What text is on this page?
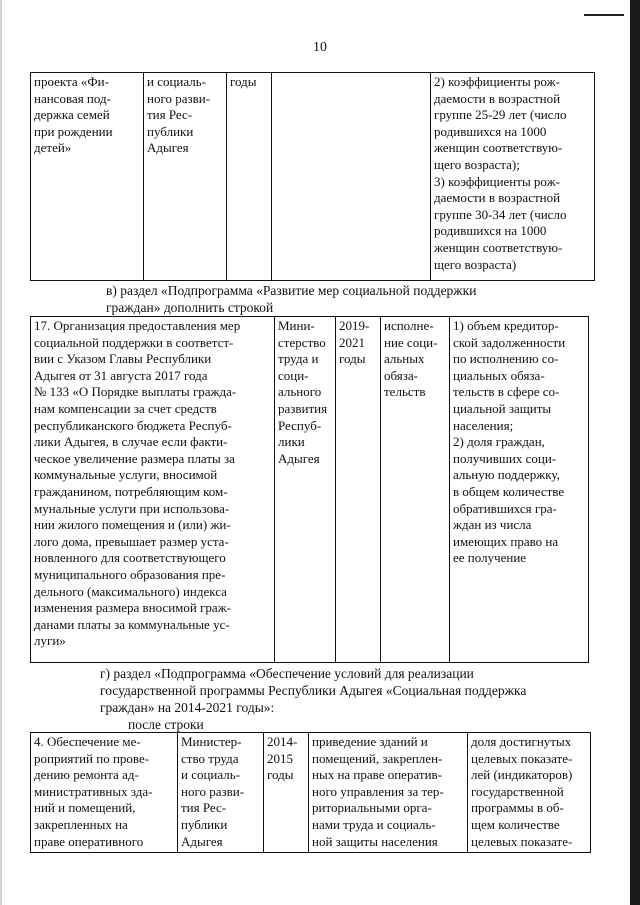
10
проекта «Фи-
нансовая под-
держка семей
при рождении
детей»

и социаль-
ного разви-
тия Рес-
публики
Адыгея

годы		2) коэффициенты рож-
даемости в возрастной
группе 25-29 лет (число
родившихся на 1000
женщин соответствую-
щего возраста);
3) коэффициенты рож-
даемости в возрастной
группе 30-34 лет (число
родившихся на 1000
женщин соответствую-
щего возраста)
в) раздел «Подпрограмма «Развитие мер социальной поддержки
граждан» дополнить строкой
17. Организация предоставления мер
социальной поддержки в соответст-
вии с Указом Главы Республики
Адыгея от 31 августа 2017 года
№ 133 «О Порядке выплаты гражда-
нам компенсации за счет средств
республиканского бюджета Респуб-
лики Адыгея, в случае если факти-
ческое увеличение размера платы за
коммунальные услуги, вносимой
гражданином, потребляющим ком-
мунальные услуги при использова-
нии жилого помещения и (или) жи-
лого дома, превышает размер уста-
новленного для соответствующего
муниципального образования пре-
дельного (максимального) индекса
изменения размера вносимой граж-
данами платы за коммунальные ус-
луги»

Мини-
стерство
труда и
соци-
ального
развития
Респуб-
лики
Адыгея

2019-
2021
годы

исполне-
ние соци-
альных
обяза-
тельств

1) объем кредитор-
ской задолженности
по исполнению со-
циальных обяза-
тельств в сфере со-
циальной защиты
населения;
2) доля граждан,
получивших соци-
альную поддержку,
в общем количестве
обратившихся гра-
ждан из числа
имеющих право на
ее получение
г) раздел «Подпрограмма «Обеспечение условий для реализации
государственной программы Республики Адыгея «Социальная поддержка
граждан» на 2014-2021 годы»:
после строки
4. Обеспечение ме-
роприятий по прове-
дению ремонта ад-
министративных зда-
ний и помещений,
закрепленных на
праве оперативного

Министер-
ство труда
и социаль-
ного разви-
тия Рес-
публики
Адыгея

2014-
2015
годы

приведение зданий и
помещений, закреплен-
ных на праве оператив-
ного управления за тер-
риториальными орга-
нами труда и социаль-
ной защиты населения

доля достигнутых
целевых показате-
лей (индикаторов)
государственной
программы в об-
щем количестве
целевых показате-
